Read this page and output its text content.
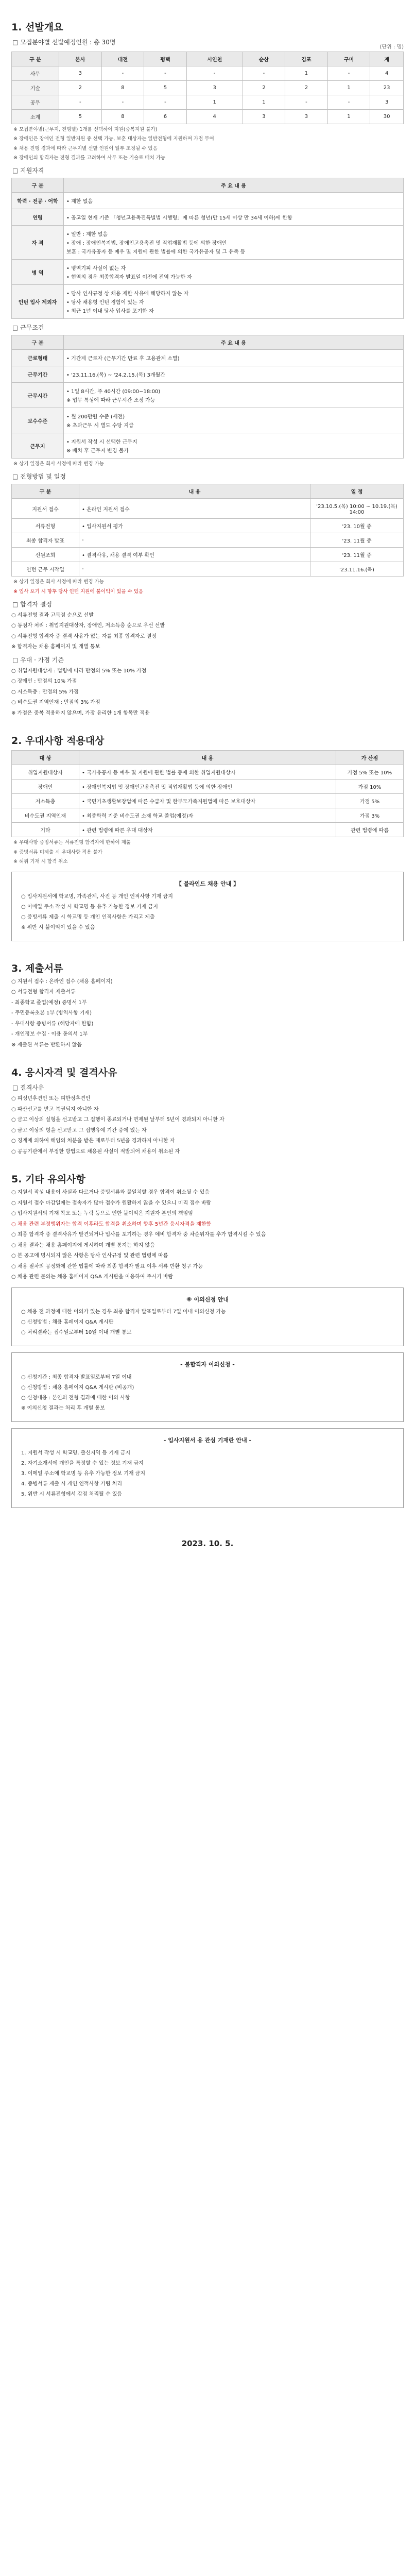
1. 선발개요
□ 모집분야별 선발예정인원 : 총 30명
(단위 : 명)
구 분	본사	대전	평택	시인천	순산	김포	구미	계
사무	3	-	-	-	-	1	-	4
기술	2	8	5	3	2	2	1	23
공무	-	-	-	1	1	-	-	3
소계	5	8	6	4	3	3	1	30
※ 모집분야별(근무지, 전형별) 1개를 선택하여 지원(중복지원 불가)
※ 장애인은 장애인 전형 일반지원 중 선택 가능, 보훈 대상자는 일반전형에 지원하며 가점 부여
※ 채용 진행 경과에 따라 근무지별 선발 인원이 일부 조정될 수 있음
※ 장애인의 합격자는 전형 결과를 고려하여 사무 또는 기술로 배치 가능
□ 지원자격
구 분	주 요 내 용
학력 · 전공 · 어학	• 제한 없음

연령	• 공고일 현재 기준 「청년고용촉진특별법 시행령」에 따른 청년(만 15세 이상 만 34세 이하)에 한함

자 격	• 일반 : 제한 없음
• 장애 : 장애인복지법, 장애인고용촉진 및 직업재활법 등에 의한 장애인
보훈 : 국가유공자 등 예우 및 지원에 관한 법률에 의한 국가유공자 및 그 유족 등

병 역	• 병역기피 사실이 없는 자
• 현역의 경우 최종합격자 발표일 이전에 전역 가능한 자

인턴 입사 제외자	• 당사 인사규정 상 채용 제한 사유에 해당하지 않는 자
• 당사 채용형 인턴 경험이 있는 자
• 최근 1년 이내 당사 입사를 포기한 자
□ 근무조건
구 분	주 요 내 용
근로형태	• 기간제 근로자 (근무기간 만료 후 고용관계 소멸)

근무기간	• '23.11.16.(목) ~ '24.2.15.(목) 3개월간

근무시간	• 1일 8시간, 주 40시간 (09:00~18:00)
※ 업무 특성에 따라 근무시간 조정 가능

보수수준	• 월 200만원 수준 (세전)
※ 초과근무 시 별도 수당 지급

근무지	• 지원서 작성 시 선택한 근무지
※ 배치 후 근무지 변경 불가
※ 상기 일정은 회사 사정에 따라 변경 가능
□ 전형방법 및 일정
구 분	내 용	일 정
지원서 접수	• 온라인 지원서 접수	'23.10.5.(목) 10:00 ~ 10.19.(목) 14:00
서류전형	• 입사지원서 평가	'23. 10월 중
최종 합격자 발표	-	'23. 11월 중
신원조회	• 결격사유, 채용 결격 여부 확인	'23. 11월 중
인턴 근무 시작일	-	'23.11.16.(목)
※ 상기 일정은 회사 사정에 따라 변경 가능
※ 입사 포기 시 향후 당사 인턴 지원에 불이익이 있을 수 있음
□ 합격자 결정

○ 서류전형 결과 고득점 순으로 선발

○ 동점자 처리 : 취업지원대상자, 장애인, 저소득층 순으로 우선 선발

○ 서류전형 합격자 중 결격 사유가 없는 자를 최종 합격자로 결정

※ 합격자는 채용 홈페이지 및 개별 통보

□ 우대 · 가점 기준

○ 취업지원대상자 : 법령에 따라 만점의 5% 또는 10% 가점

○ 장애인 : 만점의 10% 가점

○ 저소득층 : 만점의 5% 가점

○ 비수도권 지역인재 : 만점의 3% 가점

※ 가점은 중복 적용하지 않으며, 가장 유리한 1개 항목만 적용

2. 우대사항 적용대상
대 상	내 용	가 산점
취업지원대상자	• 국가유공자 등 예우 및 지원에 관한 법률 등에 의한 취업지원대상자	가점 5% 또는 10%
장애인	• 장애인복지법 및 장애인고용촉진 및 직업재활법 등에 의한 장애인	가점 10%
저소득층	• 국민기초생활보장법에 따른 수급자 및 한부모가족지원법에 따른 보호대상자	가점 5%
비수도권 지역인재	• 최종학력 기준 비수도권 소재 학교 졸업(예정)자	가점 3%
기타	• 관련 법령에 따른 우대 대상자	관련 법령에 따름
※ 우대사항 증빙서류는 서류전형 합격자에 한하여 제출
※ 증빙서류 미제출 시 우대사항 적용 불가
※ 허위 기재 시 합격 취소
【 블라인드 채용 안내 】
○ 입사지원서에 학교명, 가족관계, 사진 등 개인 인적사항 기재 금지
○ 이메일 주소 작성 시 학교명 등 유추 가능한 정보 기재 금지
○ 증빙서류 제출 시 학교명 등 개인 인적사항은 가리고 제출
※ 위반 시 불이익이 있을 수 있음
3. 제출서류

○ 지원서 접수 : 온라인 접수 (채용 홈페이지)

○ 서류전형 합격자 제출서류

- 최종학교 졸업(예정) 증명서 1부

- 주민등록초본 1부 (병역사항 기재)

- 우대사항 증빙서류 (해당자에 한함)

- 개인정보 수집 · 이용 동의서 1부

※ 제출된 서류는 반환하지 않음

4. 응시자격 및 결격사유
□ 결격사유

○ 피성년후견인 또는 피한정후견인

○ 파산선고를 받고 복권되지 아니한 자

○ 금고 이상의 실형을 선고받고 그 집행이 종료되거나 면제된 날부터 5년이 경과되지 아니한 자

○ 금고 이상의 형을 선고받고 그 집행유예 기간 중에 있는 자

○ 징계에 의하여 해임의 처분을 받은 때로부터 5년을 경과하지 아니한 자

○ 공공기관에서 부정한 방법으로 채용된 사실이 적발되어 채용이 취소된 자

5. 기타 유의사항

○ 지원서 작성 내용이 사실과 다르거나 증빙서류와 불일치할 경우 합격이 취소될 수 있음

○ 지원서 접수 마감일에는 접속자가 많아 접수가 원활하지 않을 수 있으니 미리 접수 바람

○ 입사지원서의 기재 착오 또는 누락 등으로 인한 불이익은 지원자 본인의 책임임

○ 채용 관련 부정행위자는 합격 이후라도 합격을 취소하며 향후 5년간 응시자격을 제한함

○ 최종 합격자 중 결격사유가 발견되거나 입사를 포기하는 경우 예비 합격자 중 차순위자를 추가 합격시킬 수 있음

○ 채용 결과는 채용 홈페이지에 게시하며 개별 통지는 하지 않음

○ 본 공고에 명시되지 않은 사항은 당사 인사규정 및 관련 법령에 따름

○ 채용 절차의 공정화에 관한 법률에 따라 최종 합격자 발표 이후 서류 반환 청구 가능

○ 채용 관련 문의는 채용 홈페이지 Q&A 게시판을 이용하여 주시기 바람

※ 이의신청 안내
○ 채용 전 과정에 대한 이의가 있는 경우 최종 합격자 발표일로부터 7일 이내 이의신청 가능
○ 신청방법 : 채용 홈페이지 Q&A 게시판
○ 처리결과는 접수일로부터 10일 이내 개별 통보
- 불합격자 이의신청 -
○ 신청기간 : 최종 합격자 발표일로부터 7일 이내
○ 신청방법 : 채용 홈페이지 Q&A 게시판 (비공개)
○ 신청내용 : 본인의 전형 결과에 대한 이의 사항
※ 이의신청 결과는 처리 후 개별 통보
- 입사지원서 용 관심 기재란 안내 -
1. 지원서 작성 시 학교명, 출신지역 등 기재 금지
2. 자기소개서에 개인을 특정할 수 있는 정보 기재 금지
3. 이메일 주소에 학교명 등 유추 가능한 정보 기재 금지
4. 증빙서류 제출 시 개인 인적사항 가림 처리
5. 위반 시 서류전형에서 감점 처리될 수 있음
2023. 10. 5.
